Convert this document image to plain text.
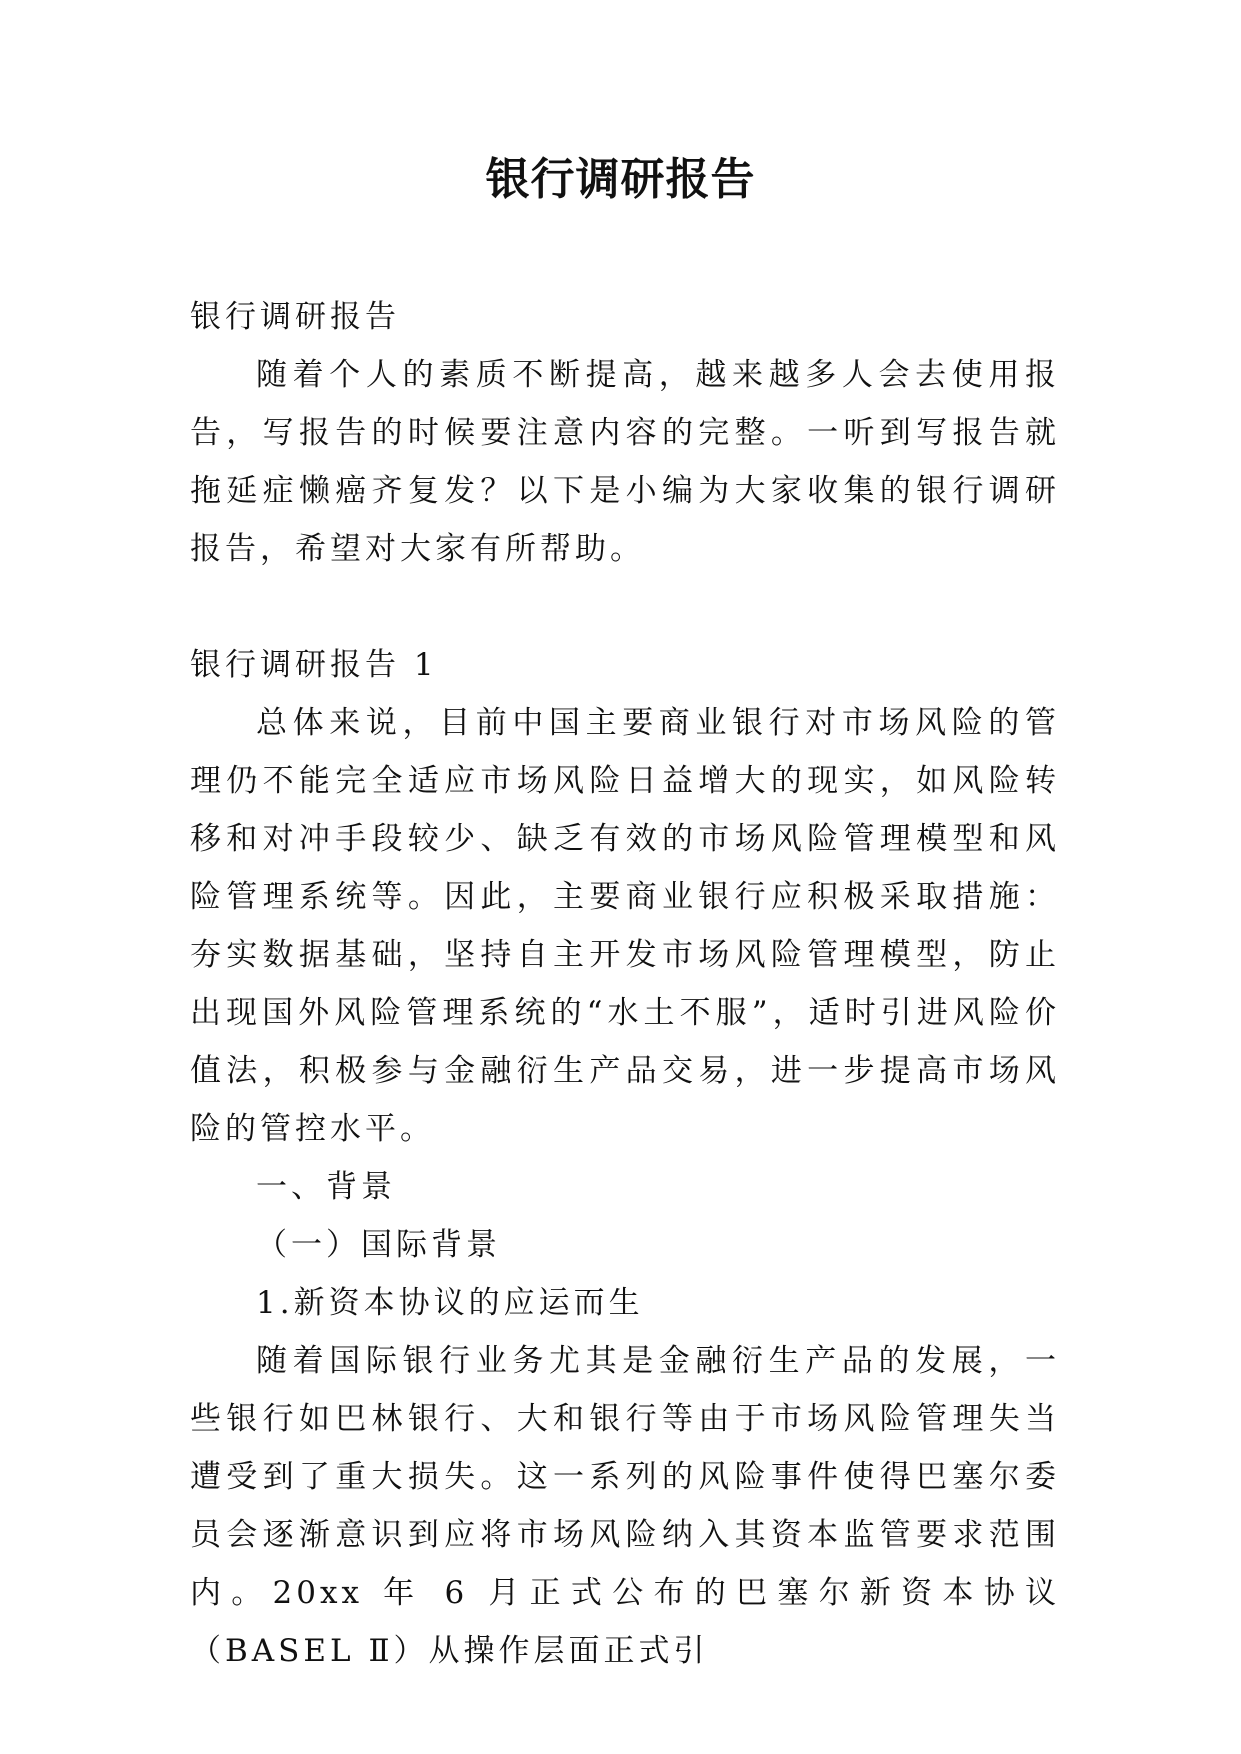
银行调研报告

银行调研报告

随着个人的素质不断提高，越来越多人会去使用报告，写报告的时候要注意内容的完整。一听到写报告就拖延症懒癌齐复发？以下是小编为大家收集的银行调研报告，希望对大家有所帮助。

银行调研报告 1

总体来说，目前中国主要商业银行对市场风险的管理仍不能完全适应市场风险日益增大的现实，如风险转移和对冲手段较少、缺乏有效的市场风险管理模型和风险管理系统等。因此，主要商业银行应积极采取措施：夯实数据基础，坚持自主开发市场风险管理模型，防止出现国外风险管理系统的“水土不服”，适时引进风险价值法，积极参与金融衍生产品交易，进一步提高市场风险的管控水平。

一、背景

（一）国际背景

1.新资本协议的应运而生

随着国际银行业务尤其是金融衍生产品的发展，一些银行如巴林银行、大和银行等由于市场风险管理失当遭受到了重大损失。这一系列的风险事件使得巴塞尔委员会逐渐意识到应将市场风险纳入其资本监管要求范围内。20xx 年 6 月正式公布的巴塞尔新资本协议（BASEL Ⅱ）从操作层面正式引
